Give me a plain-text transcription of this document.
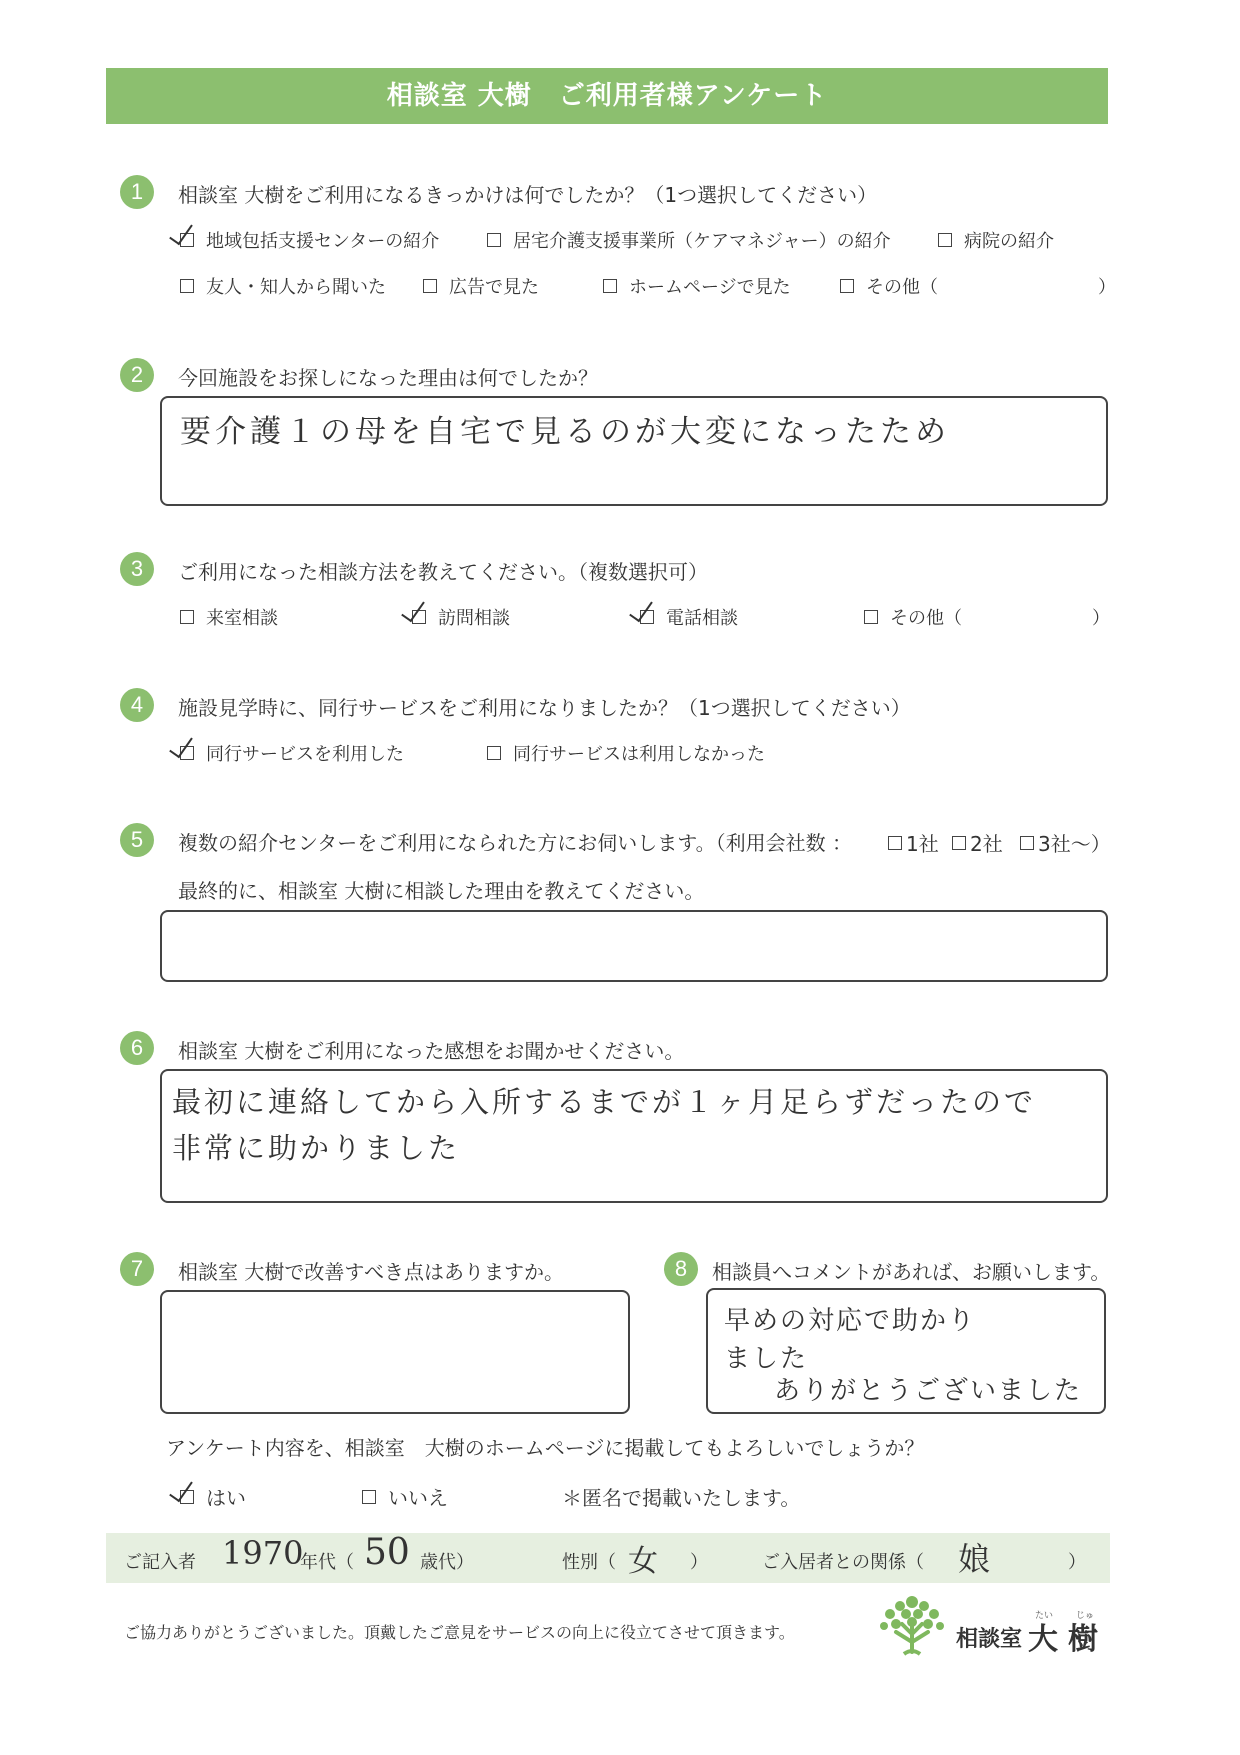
相談室 大樹　ご利用者様アンケート
1	相談室 大樹をご利用になるきっかけは何でしたか？（1つ選択してください）
地域包括支援センターの紹介	居宅介護支援事業所（ケアマネジャー）の紹介	病院の紹介
友人・知人から聞いた	広告で見た	ホームページで見た	その他（	）
2	今回施設をお探しになった理由は何でしたか？
要介護１の母を自宅で見るのが大変になったため
3	ご利用になった相談方法を教えてください。（複数選択可）
来室相談	訪問相談	電話相談	その他（	）
4	施設見学時に、同行サービスをご利用になりましたか？（1つ選択してください）
同行サービスを利用した	同行サービスは利用しなかった
5	複数の紹介センターをご利用になられた方にお伺いします。（利用会社数 ：	1社 2社 3社～）
最終的に、相談室 大樹に相談した理由を教えてください。
6	相談室 大樹をご利用になった感想をお聞かせください。
最初に連絡してから入所するまでが１ヶ月足らずだったので
非常に助かりました
7	相談室 大樹で改善すべき点はありますか。	8	相談員へコメントがあれば、お願いします。
早めの対応で助かり
ました
ありがとうございました
アンケート内容を、相談室　大樹のホームページに掲載してもよろしいでしょうか？
はい	いいえ	＊匿名で掲載いたします。
ご記入者 1970
年代（ 50 歳代）	性別（ 女 ）	ご入居者との関係（ 娘	）
ご協力ありがとうございました。頂戴したご意見をサービスの向上に役立てさせて頂きます。	相談室 大 樹
たい	じゅ
